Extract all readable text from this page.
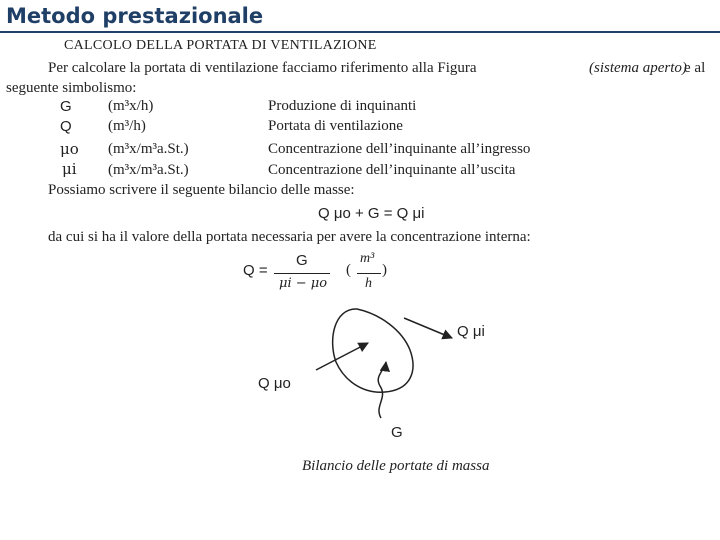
Metodo prestazionale
CALCOLO DELLA PORTATA DI VENTILAZIONE
Per calcolare la portata di ventilazione facciamo riferimento alla Figura	(sistema aperto)
e al
seguente simbolismo:
G (m³x/h)	Produzione di inquinanti
Q (m³/h)	Portata di ventilazione
μo (m³x/m³a.St.)	Concentrazione dell’inquinante all’ingresso
μi (m³x/m³a.St.)	Concentrazione dell’inquinante all’uscita
Possiamo scrivere il seguente bilancio delle masse:
Q μo + G = Q μi
da cui si ha il valore della portata necessaria per avere la concentrazione interna:
Q =
G
μi − μo
(
m³
h
)
Q μi
Q μo
G
Bilancio delle portate di massa
